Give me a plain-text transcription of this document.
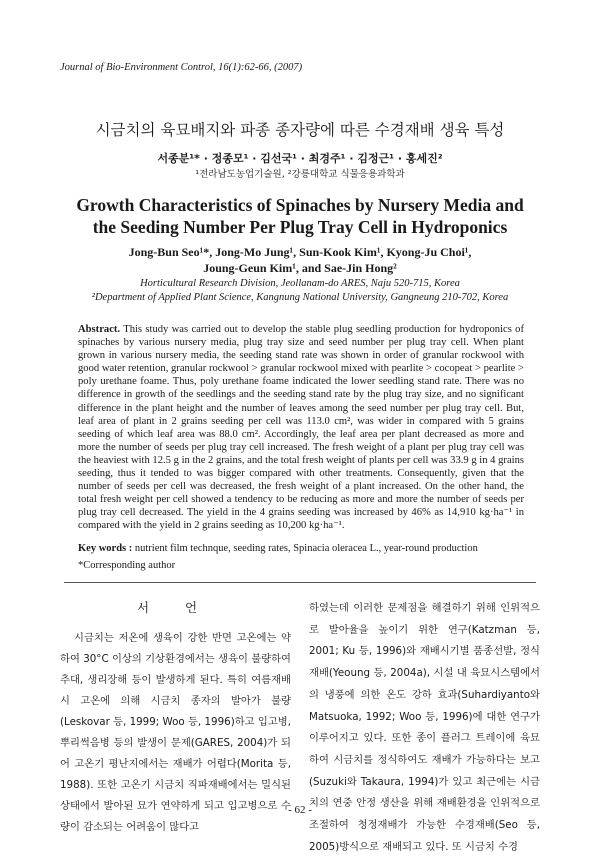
Journal of Bio-Environment Control, 16(1):62-66, (2007)
시금치의 육묘배지와 파종 종자량에 따른 수경재배 생육 특성
서종분¹* · 정종모¹ · 김선국¹ · 최경주¹ · 김정근¹ · 홍세진²
¹전라남도농업기술원, ²강릉대학교 식물응용과학과
Growth Characteristics of Spinaches by Nursery Media and
the Seeding Number Per Plug Tray Cell in Hydroponics
Jong-Bun Seo¹*, Jong-Mo Jung¹, Sun-Kook Kim¹, Kyong-Ju Choi¹,
Joung-Geun Kim¹, and Sae-Jin Hong²
Horticultural Research Division, Jeollanam-do ARES, Naju 520-715, Korea
²Department of Applied Plant Science, Kangnung National University, Gangneung 210-702, Korea
Abstract. This study was carried out to develop the stable plug seedling production for hydroponics of spinaches by various nursery media, plug tray size and seed number per plug tray cell. When plant grown in various nursery media, the seeding stand rate was shown in order of granular rockwool with good water retention, granular rockwool > granular rockwool mixed with pearlite > cocopeat > pearlite > poly urethane foame. Thus, poly urethane foame indicated the lower seedling stand rate. There was no difference in growth of the seedlings and the seeding stand rate by the plug tray size, and no significant difference in the plant height and the number of leaves among the seed number per plug tray cell. But, leaf area of plant in 2 grains seeding per cell was 113.0 cm², was wider in compared with 5 grains seeding of which leaf area was 88.0 cm². Accordingly, the leaf area per plant decreased as more and more the number of seeds per plug tray cell increased. The fresh weight of a plant per plug tray cell was the heaviest with 12.5 g in the 2 grains, and the total fresh weight of plants per cell was 33.9 g in 4 grains seeding, thus it tended to was bigger compared with other treatments. Consequently, given that the number of seeds per cell was decreased, the fresh weight of a plant increased. On the other hand, the total fresh weight per cell showed a tendency to be reducing as more and more the number of seeds per plug tray cell decreased. The yield in the 4 grains seeding was increased by 46% as 14,910 kg·ha⁻¹ in compared with the yield in 2 grains seeding as 10,200 kg·ha⁻¹.
Key words : nutrient film technque, seeding rates, Spinacia oleracea L., year-round production
*Corresponding author
서 언
시금치는 저온에 생육이 강한 반면 고온에는 약하여 30°C 이상의 기상환경에서는 생육이 불량하여 추대, 생리장해 등이 발생하게 된다. 특히 여름재배시 고온에 의해 시금치 종자의 발아가 불량(Leskovar 등, 1999; Woo 등, 1996)하고 입고병, 뿌리썩음병 등의 발생이 문제(GARES, 2004)가 되어 고온기 평난지에서는 재배가 어렵다(Morita 등, 1988). 또한 고온기 시금치 직파재배에서는 밀식된 상태에서 발아된 묘가 연약하게 되고 입고병으로 수량이 감소되는 어려움이 많다고
하였는데 이러한 문제점을 해결하기 위해 인위적으로 발아율을 높이기 위한 연구(Katzman 등, 2001; Ku 등, 1996)와 재배시기별 품종선발, 정식재배(Yeoung 등, 2004a), 시설 내 육묘시스템에서의 냉풍에 의한 온도 강하 효과(Suhardiyanto와 Matsuoka, 1992; Woo 등, 1996)에 대한 연구가 이루어지고 있다. 또한 종이 플러그 트레이에 육묘하여 시금치를 정식하여도 재배가 가능하다는 보고(Suzuki와 Takaura, 1994)가 있고 최근에는 시금치의 연중 안정 생산을 위해 재배환경을 인위적으로 조절하여 청정재배가 가능한 수경재배(Seo 등, 2005)방식으로 재배되고 있다. 또 시금치 수경
- 62 -
